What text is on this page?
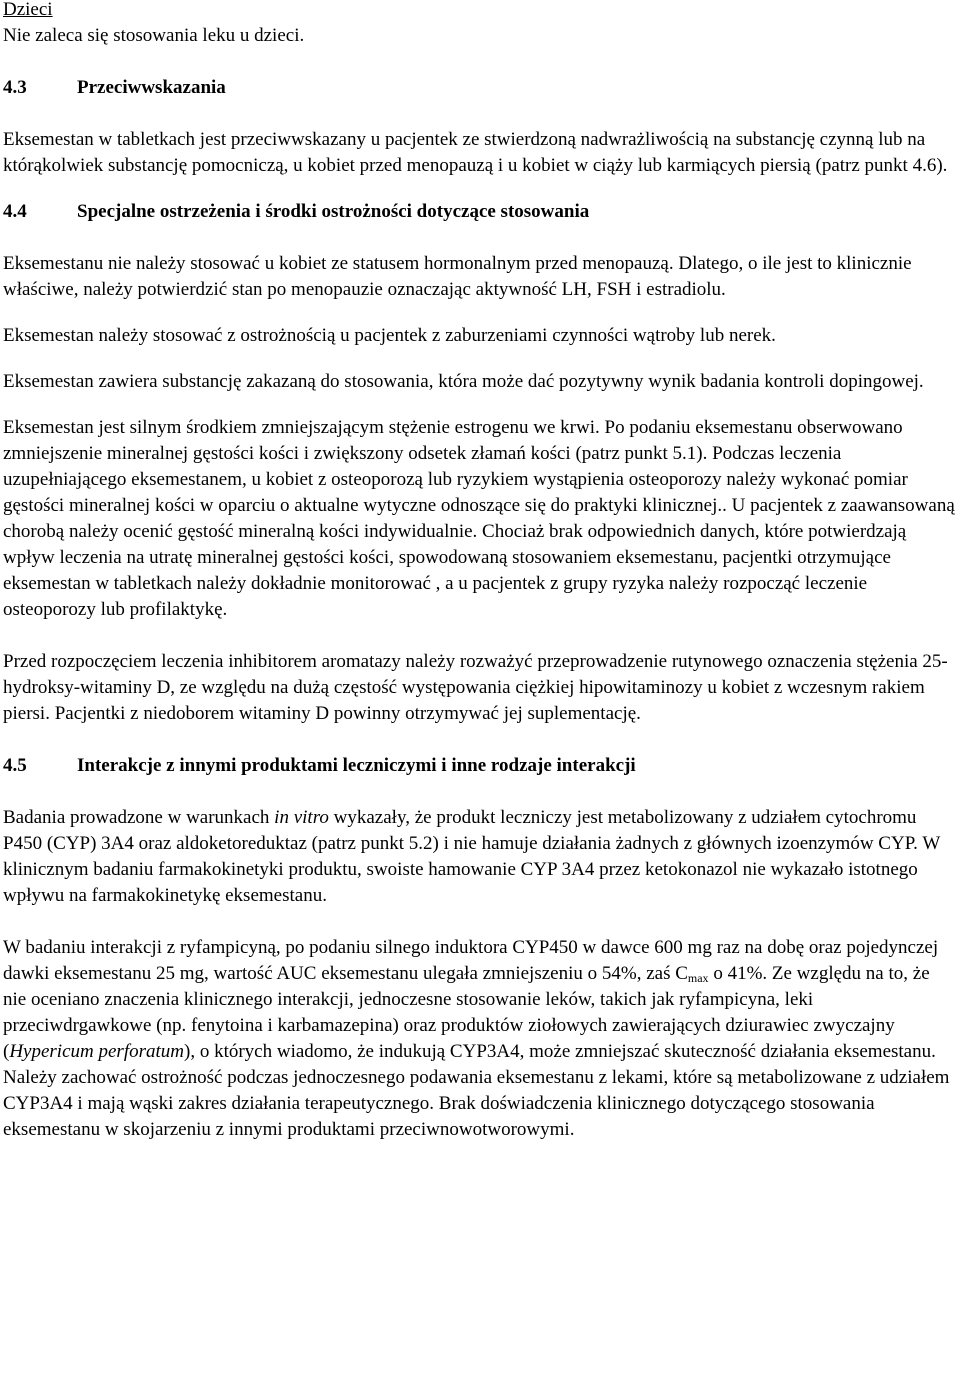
Dzieci

Nie zaleca się stosowania leku u dzieci.

4.3	Przeciwwskazania

Eksemestan w tabletkach jest przeciwwskazany u pacjentek ze stwierdzoną nadwrażliwością na substancję czynną lub na którąkolwiek substancję pomocniczą, u kobiet przed menopauzą i u kobiet w ciąży lub karmiących piersią (patrz punkt 4.6).

4.4	Specjalne ostrzeżenia i środki ostrożności dotyczące stosowania

Eksemestanu nie należy stosować u kobiet ze statusem hormonalnym przed menopauzą. Dlatego, o ile jest to klinicznie właściwe, należy potwierdzić stan po menopauzie oznaczając aktywność LH, FSH i estradiolu.

Eksemestan należy stosować z ostrożnością u pacjentek z zaburzeniami czynności wątroby lub nerek.

Eksemestan zawiera substancję zakazaną do stosowania, która może dać pozytywny wynik badania kontroli dopingowej.

Eksemestan jest silnym środkiem zmniejszającym stężenie estrogenu we krwi. Po podaniu eksemestanu obserwowano zmniejszenie mineralnej gęstości kości i zwiększony odsetek złamań kości (patrz punkt 5.1). Podczas leczenia uzupełniającego eksemestanem, u kobiet z osteoporozą lub ryzykiem wystąpienia osteoporozy należy wykonać pomiar gęstości mineralnej kości w oparciu o aktualne wytyczne odnoszące się do praktyki klinicznej.. U pacjentek z zaawansowaną chorobą należy ocenić gęstość mineralną kości indywidualnie. Chociaż brak odpowiednich danych, które potwierdzają wpływ leczenia na utratę mineralnej gęstości kości, spowodowaną stosowaniem eksemestanu, pacjentki otrzymujące eksemestan w tabletkach należy dokładnie monitorować , a u pacjentek z grupy ryzyka należy rozpocząć leczenie osteoporozy lub profilaktykę.

Przed rozpoczęciem leczenia inhibitorem aromatazy należy rozważyć przeprowadzenie rutynowego oznaczenia stężenia 25-hydroksy-witaminy D, ze względu na dużą częstość występowania ciężkiej hipowitaminozy u kobiet z wczesnym rakiem piersi. Pacjentki z niedoborem witaminy D powinny otrzymywać jej suplementację.

4.5	Interakcje z innymi produktami leczniczymi i inne rodzaje interakcji

Badania prowadzone w warunkach in vitro wykazały, że produkt leczniczy jest metabolizowany z udziałem cytochromu P450 (CYP) 3A4 oraz aldoketoreduktaz (patrz punkt 5.2) i nie hamuje działania żadnych z głównych izoenzymów CYP. W klinicznym badaniu farmakokinetyki produktu, swoiste hamowanie CYP 3A4 przez ketokonazol nie wykazało istotnego wpływu na farmakokinetykę eksemestanu.

W badaniu interakcji z ryfampicyną, po podaniu silnego induktora CYP450 w dawce 600 mg raz na dobę oraz pojedynczej dawki eksemestanu 25 mg, wartość AUC eksemestanu ulegała zmniejszeniu o 54%, zaś $C_{max}$ o 41%. Ze względu na to, że nie oceniano znaczenia klinicznego interakcji, jednoczesne stosowanie leków, takich jak ryfampicyna, leki przeciwdrgawkowe (np. fenytoina i karbamazepina) oraz produktów ziołowych zawierających dziurawiec zwyczajny (Hypericum perforatum), o których wiadomo, że indukują CYP3A4, może zmniejszać skuteczność działania eksemestanu.

Należy zachować ostrożność podczas jednoczesnego podawania eksemestanu z lekami, które są metabolizowane z udziałem CYP3A4 i mają wąski zakres działania terapeutycznego. Brak doświadczenia klinicznego dotyczącego stosowania eksemestanu w skojarzeniu z innymi produktami przeciwnowotworowymi.
